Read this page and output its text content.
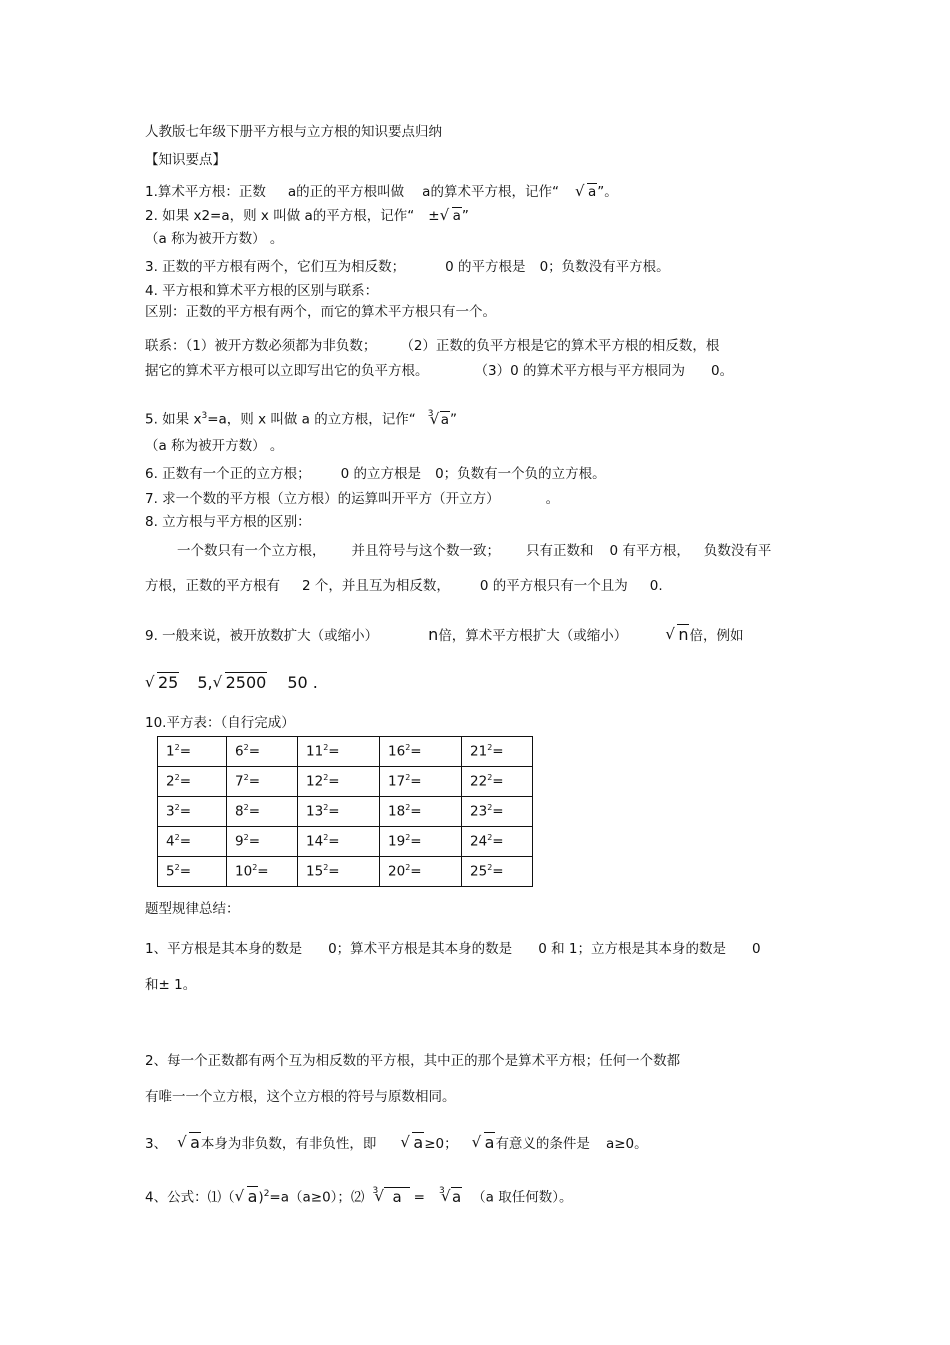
人教版七年级下册平方根与立方根的知识要点归纳
【知识要点】
1.算术平方根：正数 a的正的平方根叫做 a的算术平方根，记作“ √ a”。
2. 如果 x2=a，则 x 叫做 a的平方根，记作“ ± √ a”
（a 称为被开方数） 。
3. 正数的平方根有两个，它们互为相反数；	0 的平方根是 0；负数没有平方根。
4. 平方根和算术平方根的区别与联系：
区别：正数的平方根有两个，而它的算术平方根只有一个。
联系：（1）被开方数必须都为非负数； （2）正数的负平方根是它的算术平方根的相反数，根
据它的算术平方根可以立即写出它的负平方根。	（3）0 的算术平方根与平方根同为 0。
5. 如果 $x^3=a$，则 x 叫做 a 的立方根，记作“ √ 3 a”
（a 称为被开方数） 。
6. 正数有一个正的立方根； 0 的立方根是 0；负数有一个负的立方根。
7. 求一个数的平方根（立方根）的运算叫开平方（开立方）	。
8. 立方根与平方根的区别：
一个数只有一个立方根， 并且符号与这个数一致； 只有正数和 0 有平方根， 负数没有平
方根，正数的平方根有 2 个，并且互为相反数， 0 的平方根只有一个且为 0.
9. 一般来说，被开放数扩大（或缩小）	n倍，算术平方根扩大（或缩小）	√ n倍，例如
√ 25 5, √ 2500 50 .
10.平方表：（自行完成）
$1^2=$	$6^2=$	$11^2=$	$16^2=$	$21^2=$
$2^2=$	$7^2=$	$12^2=$	$17^2=$	$22^2=$
$3^2=$	$8^2=$	$13^2=$	$18^2=$	$23^2=$
$4^2=$	$9^2=$	$14^2=$	$19^2=$	$24^2=$
$5^2=$	$10^2=$	$15^2=$	$20^2=$	$25^2=$
题型规律总结：
1、平方根是其本身的数是 0；算术平方根是其本身的数是 0 和 1；立方根是其本身的数是 0
和± 1。
2、每一个正数都有两个互为相反数的平方根，其中正的那个是算术平方根；任何一个数都
有唯一一个立方根，这个立方根的符号与原数相同。
3、 √ a本身为非负数，有非负性，即 √ a≥0； √ a有意义的条件是 a≥0。
4、公式：⑴（ √ a)$^2$=a（a≥0）；⑵ √ 3 a = √ 3 a （a 取任何数）。
